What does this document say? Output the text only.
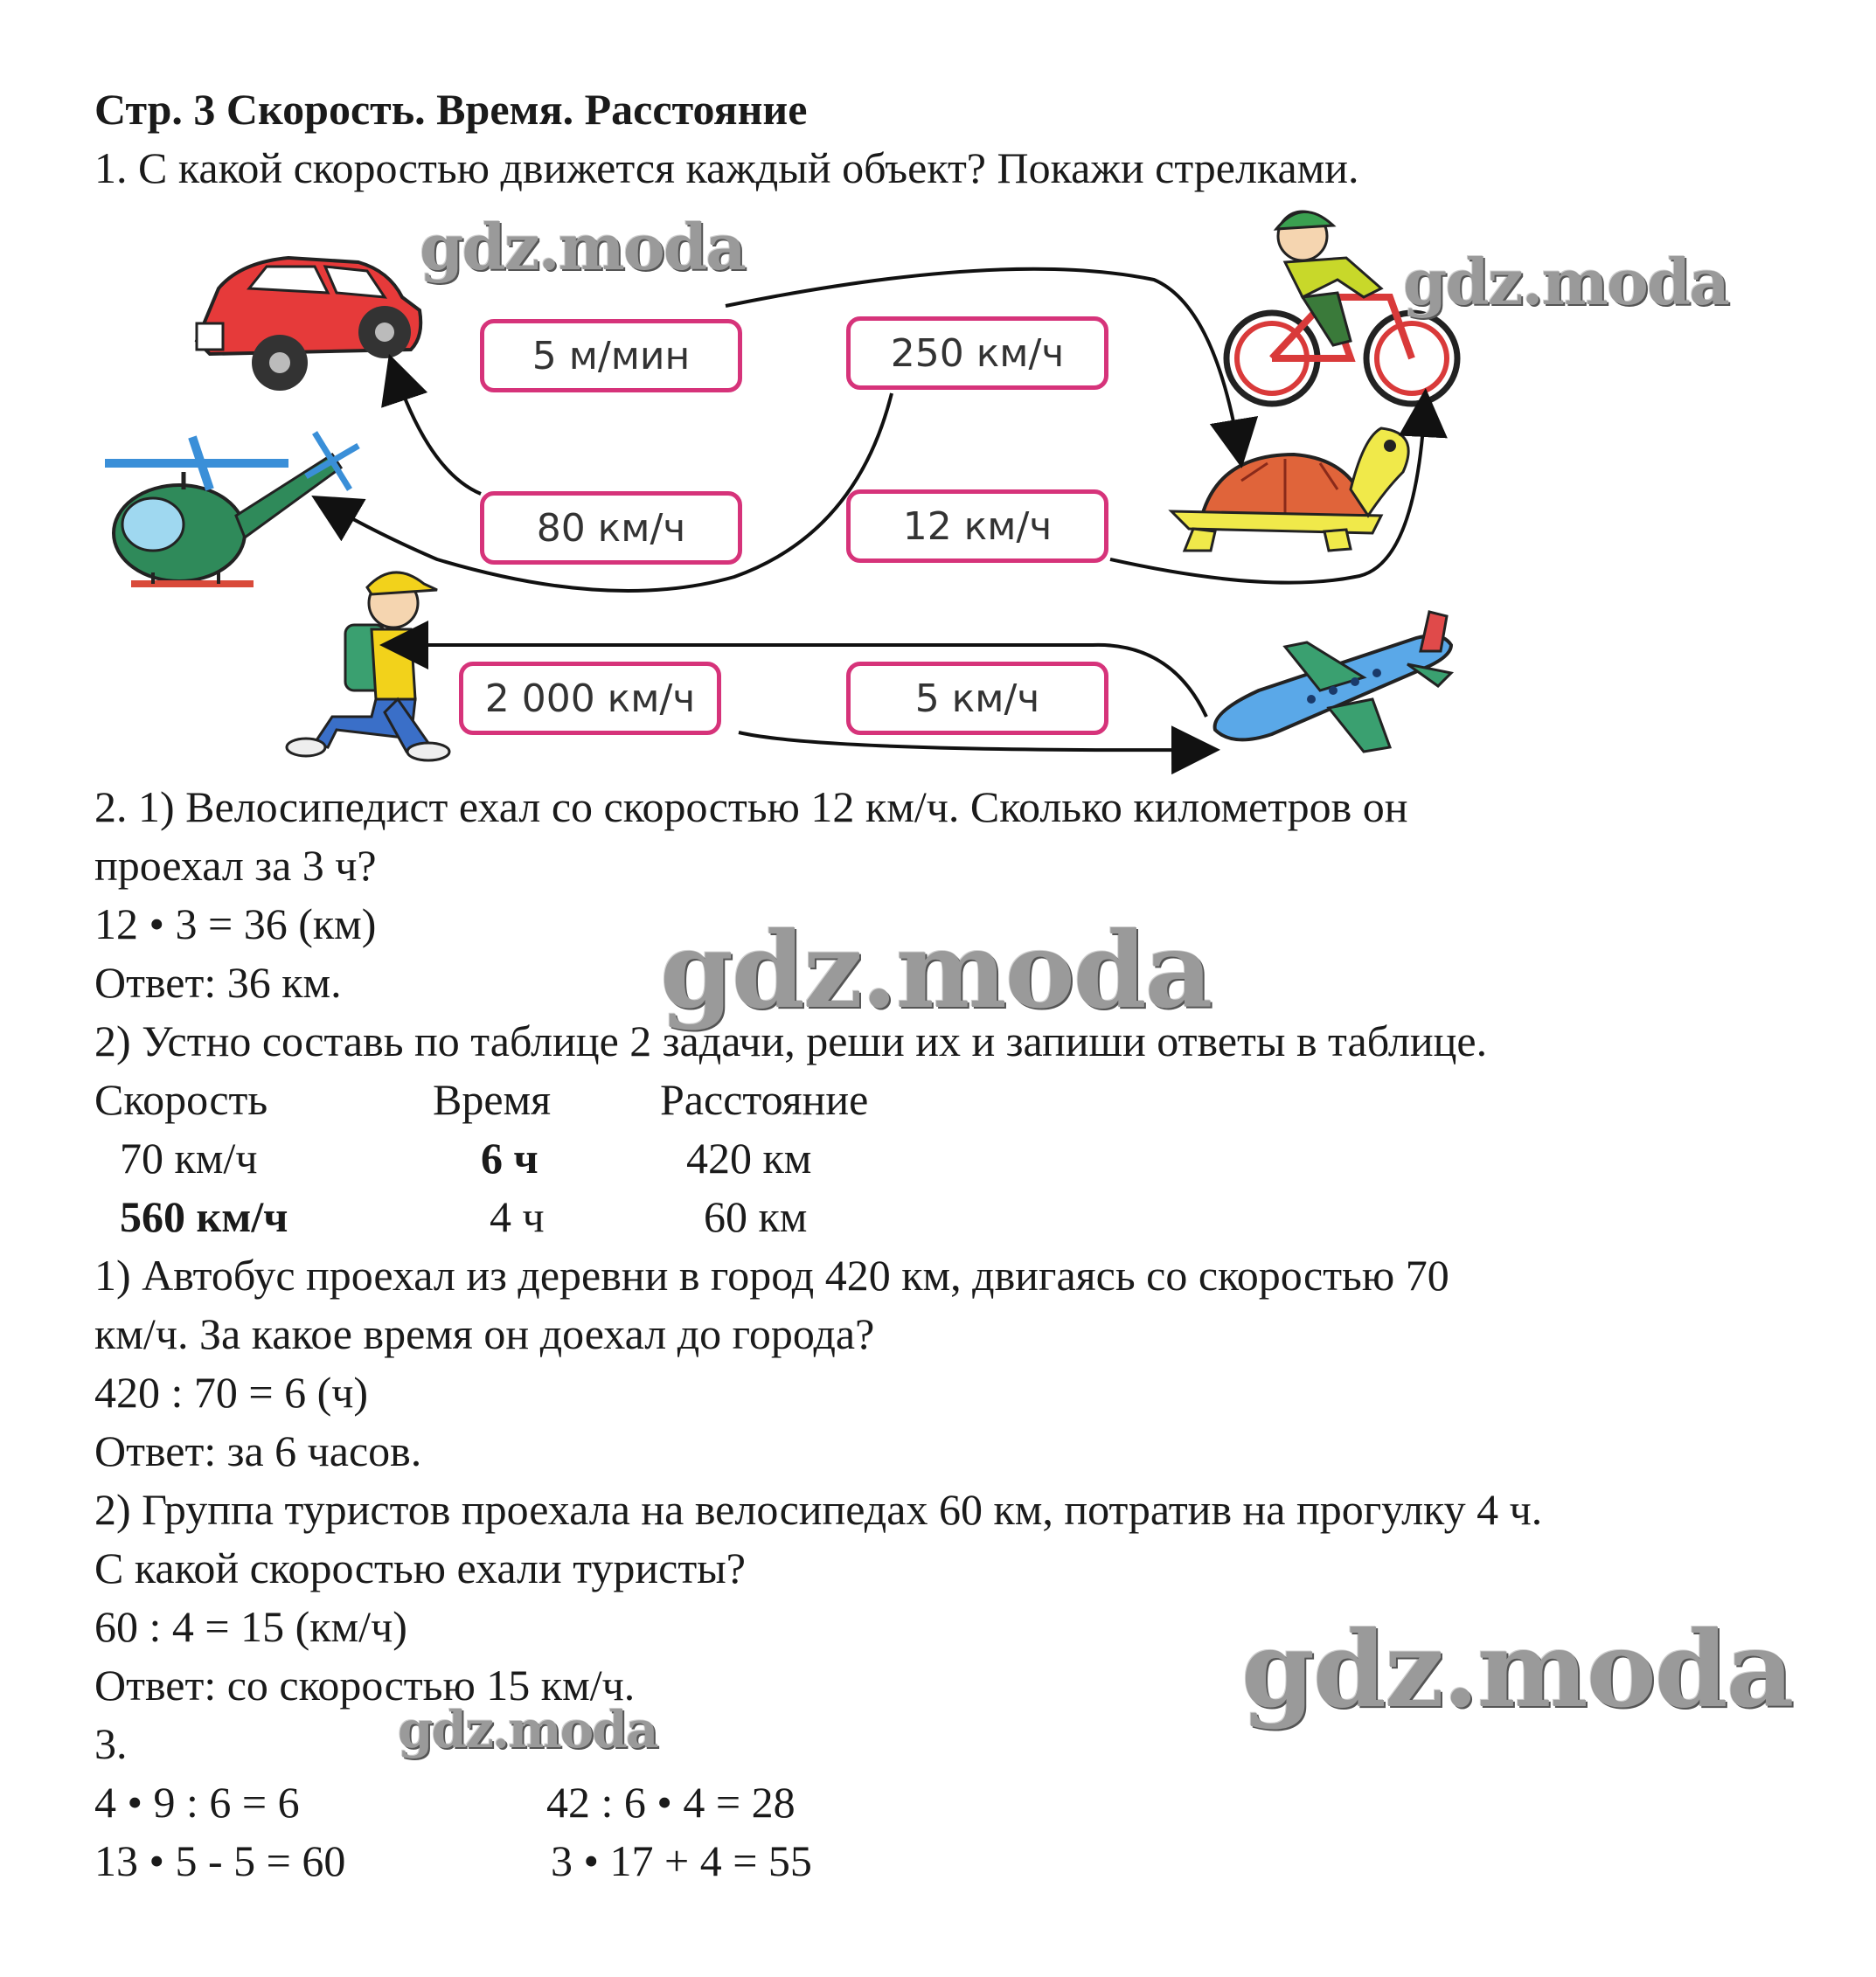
5 м/мин	250 км/ч
80 км/ч	12 км/ч
2 000 км/ч	5 км/ч
Стр. 3 Скорость. Время. Расстояние
1. С какой скоростью движется каждый объект? Покажи стрелками.
2. 1) Велосипедист ехал со скоростью 12 км/ч. Сколько километров он
проехал за 3 ч?
12 • 3 = 36 (км)
Ответ: 36 км.
2) Устно составь по таблице 2 задачи, реши их и запиши ответы в таблице.
Скорость	Время Расстояние
70 км/ч	6 ч	420 км
560 км/ч	4 ч	60 км
1) Автобус проехал из деревни в город 420 км, двигаясь со скоростью 70
км/ч. За какое время он доехал до города?
420 : 70 = 6 (ч)
Ответ: за 6 часов.
2) Группа туристов проехала на велосипедах 60 км, потратив на прогулку 4 ч.
С какой скоростью ехали туристы?
60 : 4 = 15 (км/ч)
Ответ: со скоростью 15 км/ч.
3.
4 • 9 : 6 = 6	42 : 6 • 4 = 28
13 • 5 - 5 = 60	3 • 17 + 4 = 55
gdz.moda	gdz.moda
gdz.moda
gdz.moda
gdz.moda
